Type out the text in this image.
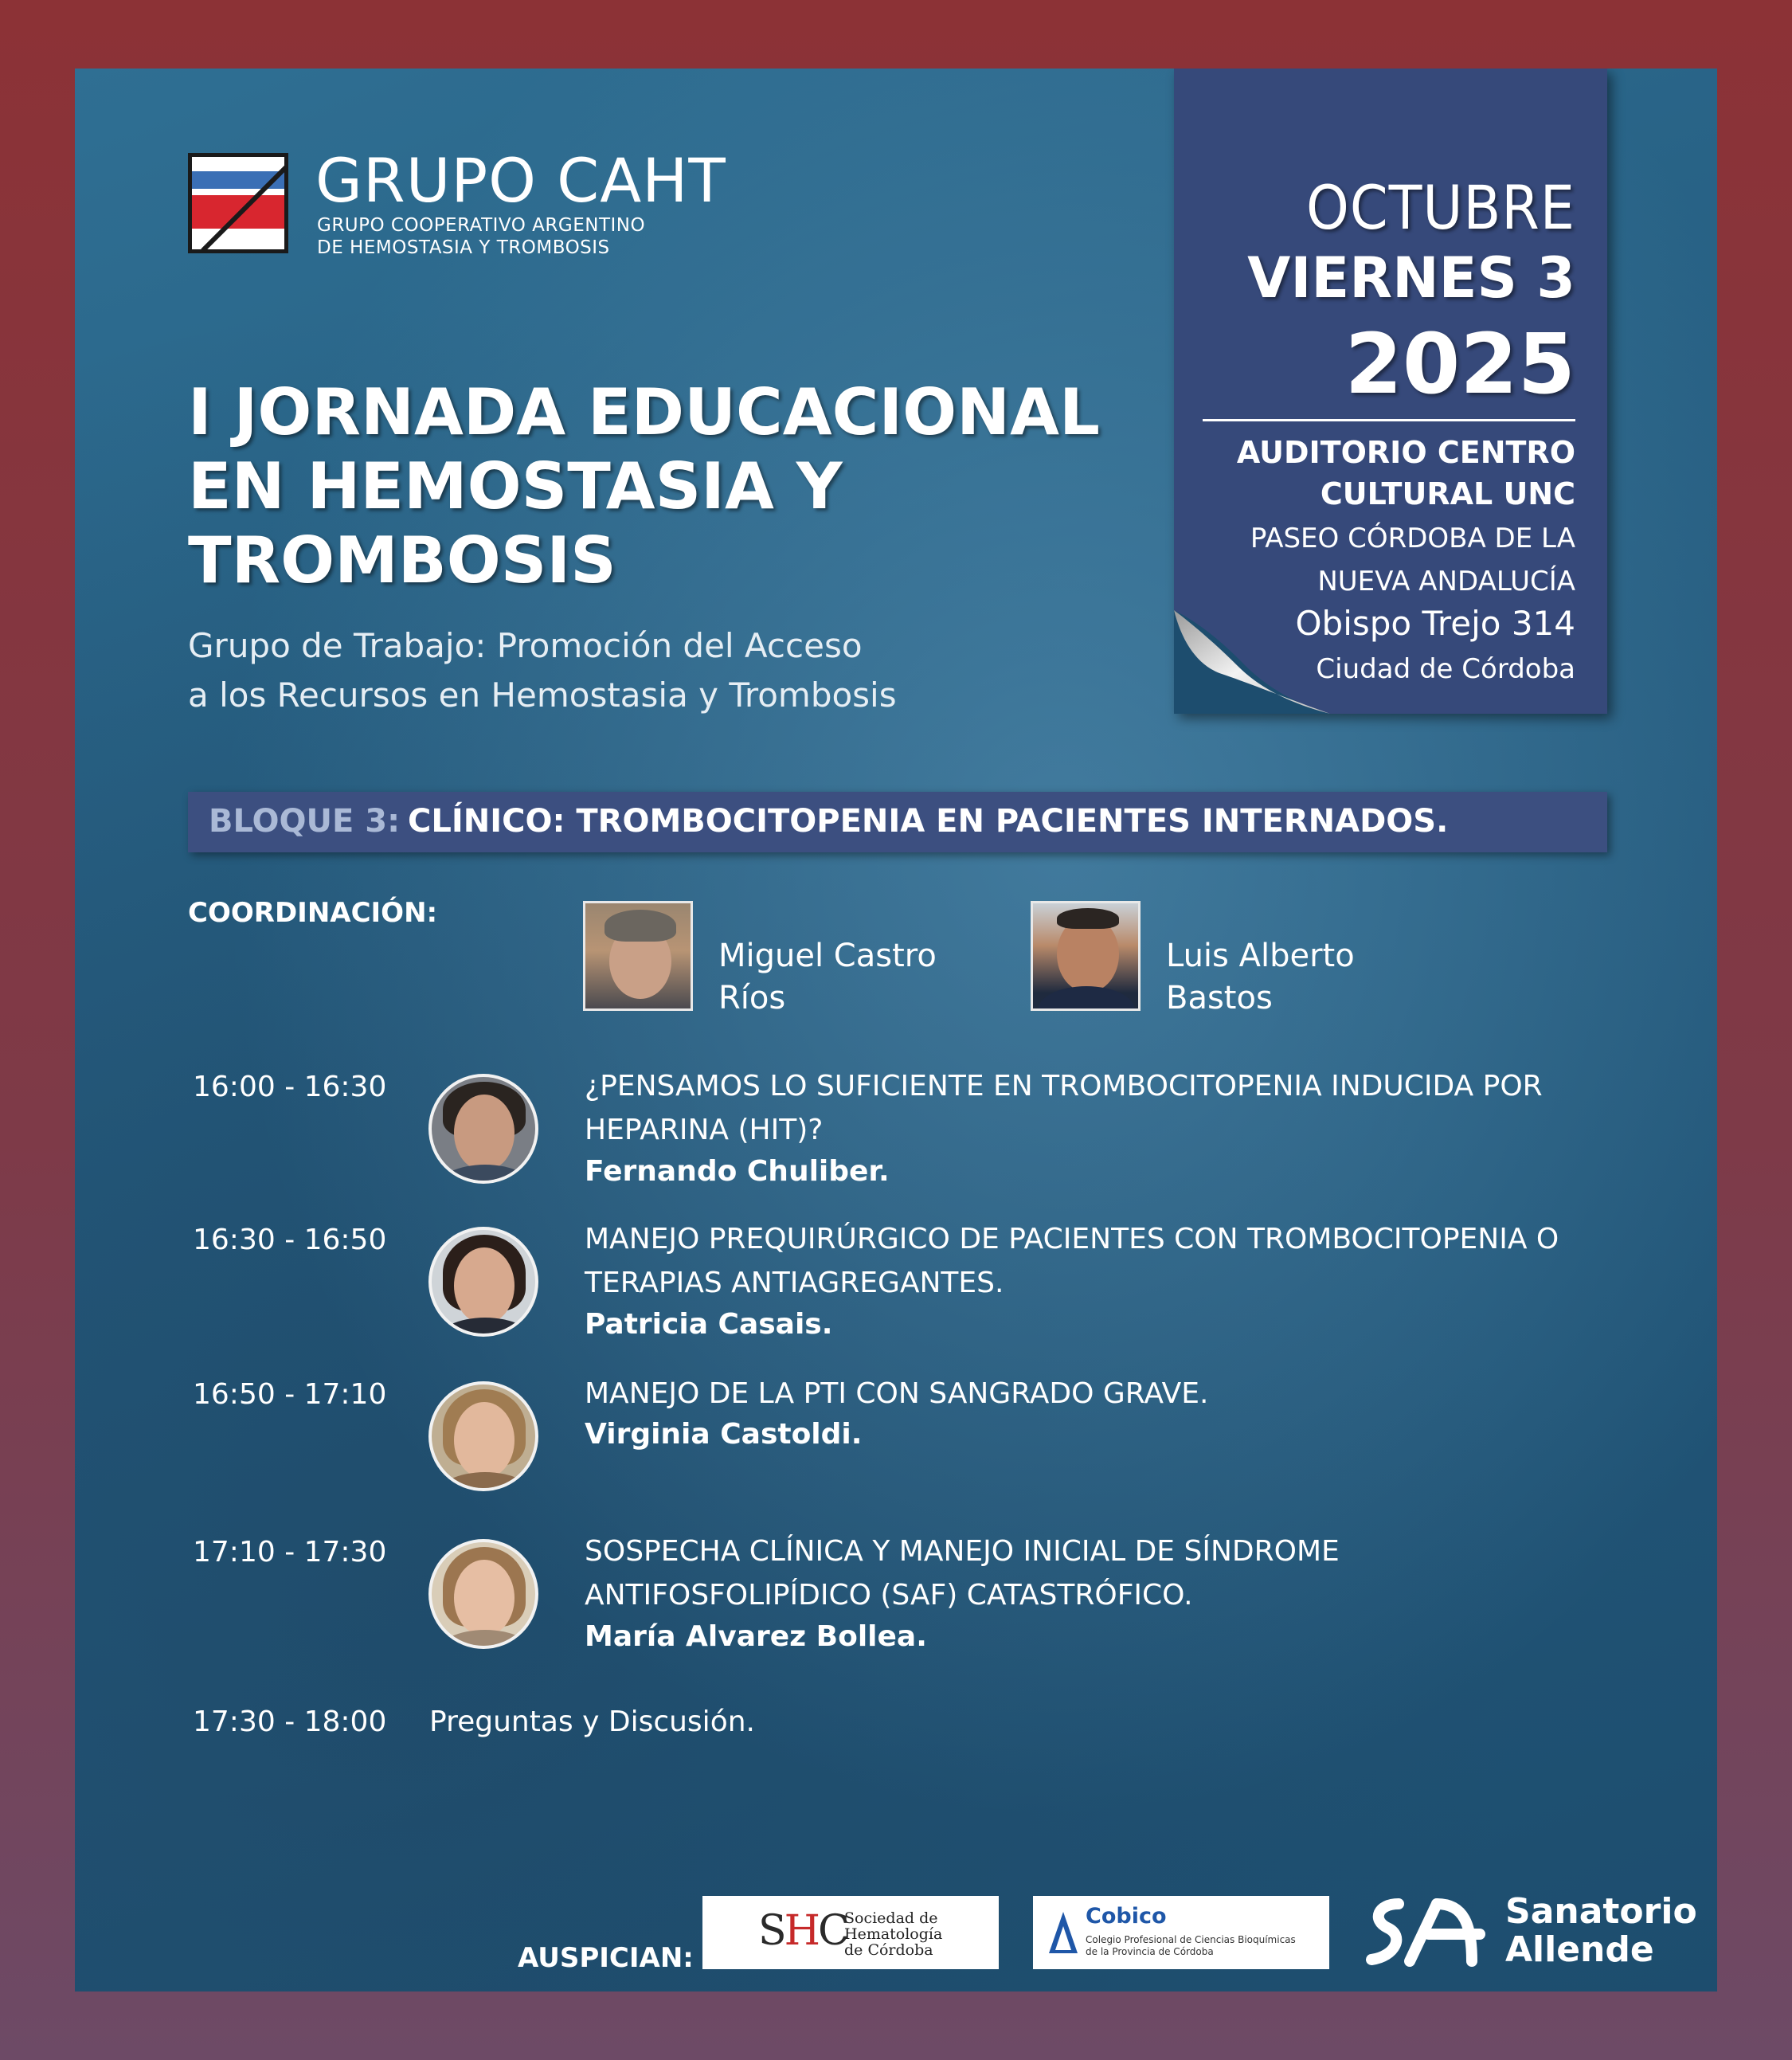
GRUPO CAHT
GRUPO COOPERATIVO ARGENTINO
DE HEMOSTASIA Y TROMBOSIS
I JORNADA EDUCACIONAL
EN HEMOSTASIA Y
TROMBOSIS
Grupo de Trabajo: Promoción del Acceso
a los Recursos en Hemostasia y Trombosis
OCTUBRE
VIERNES 3
2025
AUDITORIO CENTRO
CULTURAL UNC
PASEO CÓRDOBA DE LA
NUEVA ANDALUCÍA
Obispo Trejo 314
Ciudad de Córdoba
BLOQUE 3: CLÍNICO: TROMBOCITOPENIA EN PACIENTES INTERNADOS.
COORDINACIÓN:
Miguel Castro
Ríos
Luis Alberto
Bastos
16:00 - 16:30	¿PENSAMOS LO SUFICIENTE EN TROMBOCITOPENIA INDUCIDA POR
HEPARINA (HIT)?
Fernando Chuliber.
16:30 - 16:50	MANEJO PREQUIRÚRGICO DE PACIENTES CON TROMBOCITOPENIA O
TERAPIAS ANTIAGREGANTES.
Patricia Casais.
16:50 - 17:10	MANEJO DE LA PTI CON SANGRADO GRAVE.
Virginia Castoldi.
17:10 - 17:30	SOSPECHA CLÍNICA Y MANEJO INICIAL DE SÍNDROME
ANTIFOSFOLIPÍDICO (SAF) CATASTRÓFICO.
María Alvarez Bollea.
17:30 - 18:00 Preguntas y Discusión.
AUSPICIAN:
SHC
Sociedad de
Hematología
de Córdoba
Cobico
Colegio Profesional de Ciencias Bioquímicas
de la Provincia de Córdoba
Sanatorio
Allende
